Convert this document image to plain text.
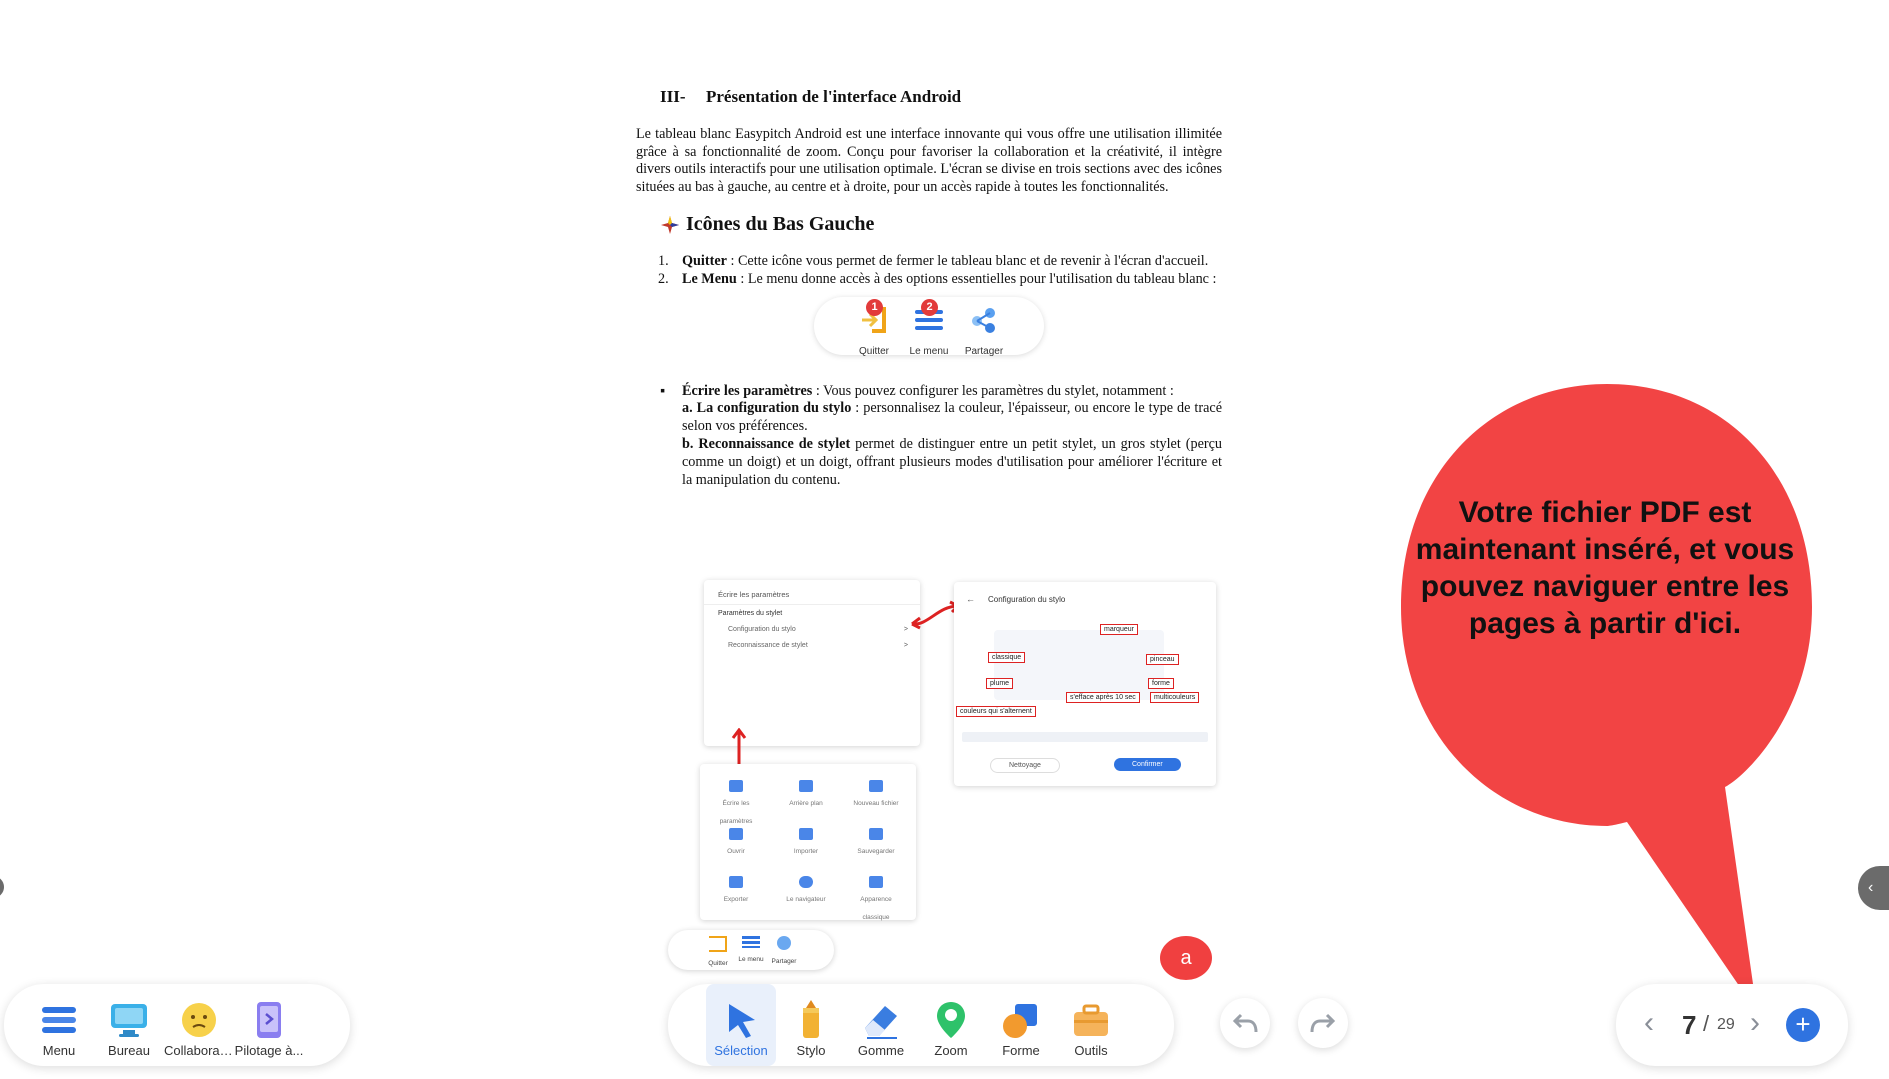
III- Présentation de l'interface Android

Le tableau blanc Easypitch Android est une interface innovante qui vous offre une utilisation illimitée grâce à sa fonctionnalité de zoom. Conçu pour favoriser la collaboration et la créativité, il intègre divers outils interactifs pour une utilisation optimale. L'écran se divise en trois sections avec des icônes situées au bas à gauche, au centre et à droite, pour un accès rapide à toutes les fonctionnalités.

Icônes du Bas Gauche

1. Quitter : Cette icône vous permet de fermer le tableau blanc et de revenir à l'écran d'accueil.
2. Le Menu : Le menu donne accès à des options essentielles pour l'utilisation du tableau blanc :
1
Quitter
2
Le menu	Partager
▪ Écrire les paramètres : Vous pouvez configurer les paramètres du stylet, notamment :
a. La configuration du stylo : personnalisez la couleur, l'épaisseur, ou encore le type de tracé selon vos préférences.
b. Reconnaissance de stylet permet de distinguer entre un petit stylet, un gros stylet (perçu comme un doigt) et un doigt, offrant plusieurs modes d'utilisation pour améliorer l'écriture et la manipulation du contenu.
Écrire les paramètres
Paramètres du stylet
Configuration du stylo
Reconnaissance de stylet
>
>
← Configuration du stylo
marqueur
classique	pinceau
plume	forme
s'efface après 10 sec	multicouleurs
couleurs qui s'alternent
Nettoyage	Confirmer
Écrire les paramètres
Arrière plan	Nouveau fichier
Ouvrir	Importer	Sauvegarder
Exporter	Le navigateur	Apparence classique
Quitter
Le menu	Partager	a
Votre fichier PDF est maintenant inséré, et vous pouvez naviguer entre les pages à partir d'ici.
‹
Menu	Bureau	Collaborat...	Pilotage à...	Sélection	Stylo	Gomme	Zoom	Forme	Outils
‹ 7 / 29 ›	+
